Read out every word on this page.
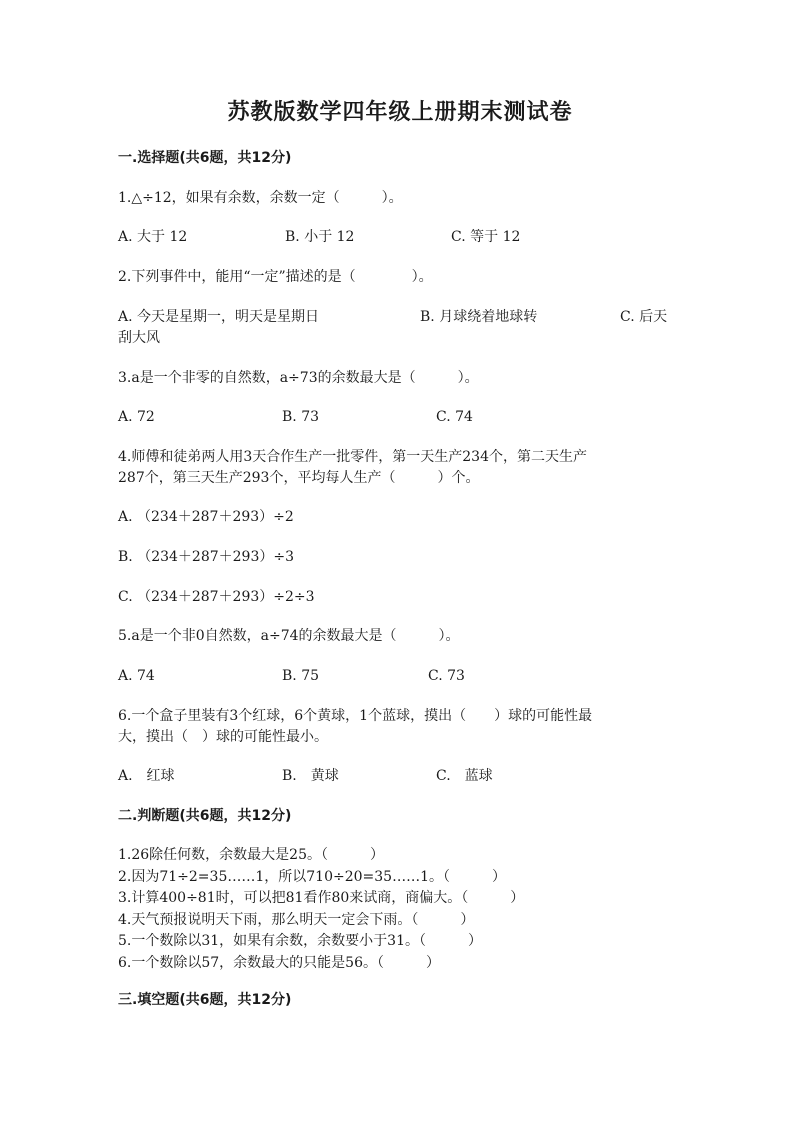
苏教版数学四年级上册期末测试卷
一.选择题(共6题，共12分)
1.△÷12，如果有余数，余数一定（　　　）。
A. 大于 12	B. 小于 12	C. 等于 12
2.下列事件中，能用“一定”描述的是（　　　　）。
A. 今天是星期一，明天是星期日	B. 月球绕着地球转	C. 后天
刮大风
3.a是一个非零的自然数，a÷73的余数最大是（　　　）。
A. 72	B. 73	C. 74
4.师傅和徒弟两人用3天合作生产一批零件，第一天生产234个，第二天生产
287个，第三天生产293个，平均每人生产（　　　）个。
A. （234＋287＋293）÷2
B. （234＋287＋293）÷3
C. （234＋287＋293）÷2÷3
5.a是一个非0自然数，a÷74的余数最大是（　　　）。
A. 74	B. 75	C. 73
6.一个盒子里装有3个红球，6个黄球，1个蓝球，摸出（　　）球的可能性最
大，摸出（　）球的可能性最小。
A.　红球	B.　黄球	C.　蓝球
二.判断题(共6题，共12分)
1.26除任何数，余数最大是25。（　　　）
2.因为71÷2=35……1，所以710÷20=35……1。（　　　）
3.计算400÷81时，可以把81看作80来试商，商偏大。（　　　）
4.天气预报说明天下雨，那么明天一定会下雨。（　　　）
5.一个数除以31，如果有余数，余数要小于31。（　　　）
6.一个数除以57，余数最大的只能是56。（　　　）
三.填空题(共6题，共12分)
